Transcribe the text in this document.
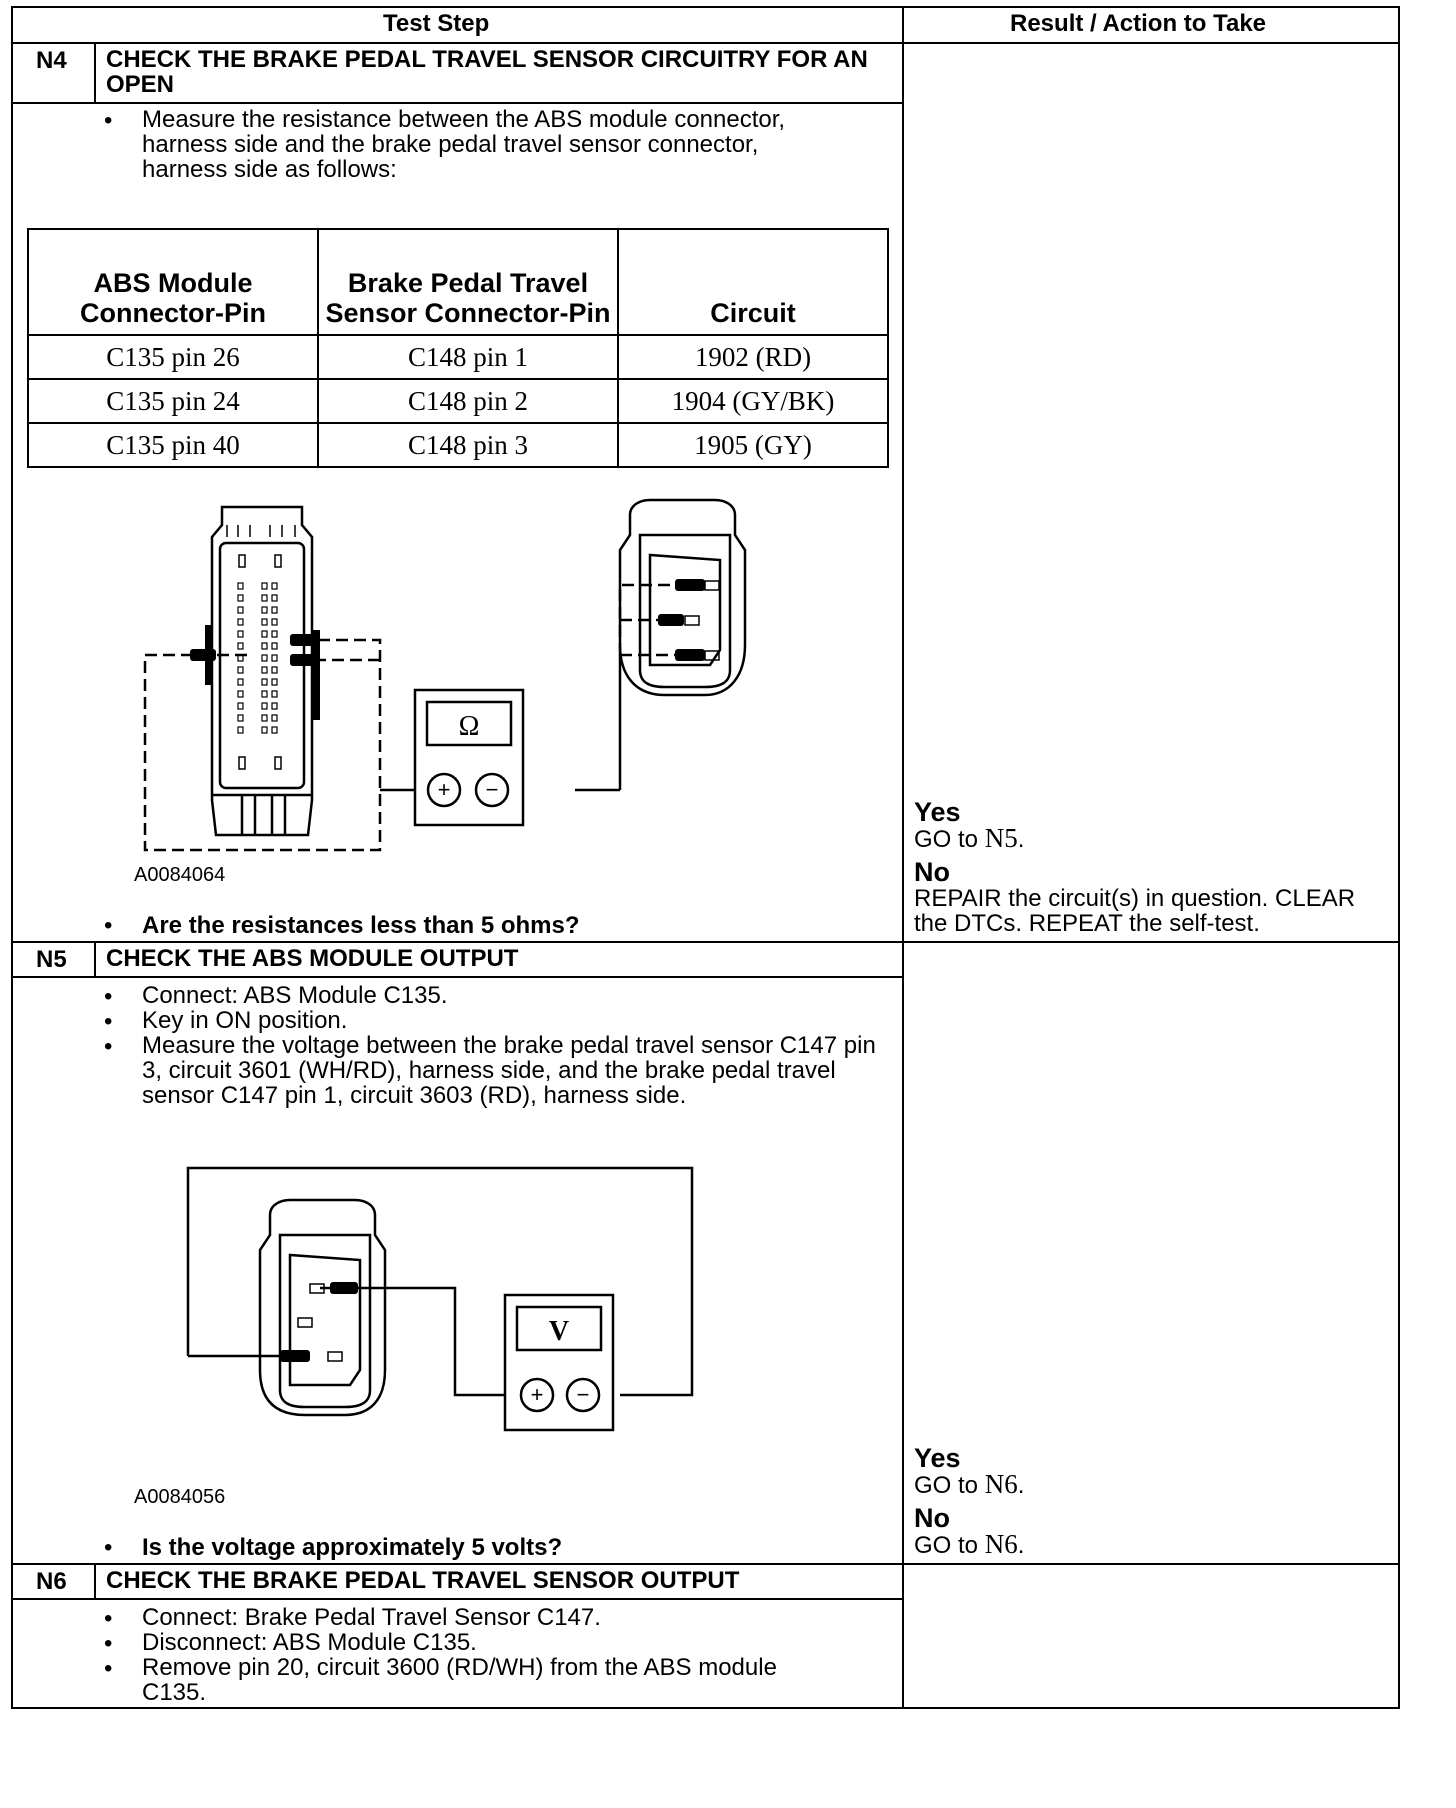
Test Step	Result / Action to Take
N4 CHECK THE BRAKE PEDAL TRAVEL SENSOR CIRCUITRY FOR AN OPEN
• Measure the resistance between the ABS module connector, harness side and the brake pedal travel sensor connector, harness side as follows:
ABS Module Connector-Pin	Brake Pedal Travel Sensor Connector-Pin	Circuit
C135 pin 26	C148 pin 1	1902 (RD)
C135 pin 24	C148 pin 2	1904 (GY/BK)
C135 pin 40	C148 pin 3	1905 (GY)
Ω
+ −
A0084064
• Are the resistances less than 5 ohms?
Yes
GO to N5.
No
REPAIR the circuit(s) in question. CLEAR the DTCs. REPEAT the self-test.
N5 CHECK THE ABS MODULE OUTPUT
• Connect: ABS Module C135.
• Key in ON position.
• Measure the voltage between the brake pedal travel sensor C147 pin 3, circuit 3601 (WH/RD), harness side, and the brake pedal travel sensor C147 pin 1, circuit 3603 (RD), harness side.
V
+ −
A0084056
• Is the voltage approximately 5 volts?
Yes
GO to N6.
No
GO to N6.
N6 CHECK THE BRAKE PEDAL TRAVEL SENSOR OUTPUT
• Connect: Brake Pedal Travel Sensor C147.
• Disconnect: ABS Module C135.
• Remove pin 20, circuit 3600 (RD/WH) from the ABS module C135.
